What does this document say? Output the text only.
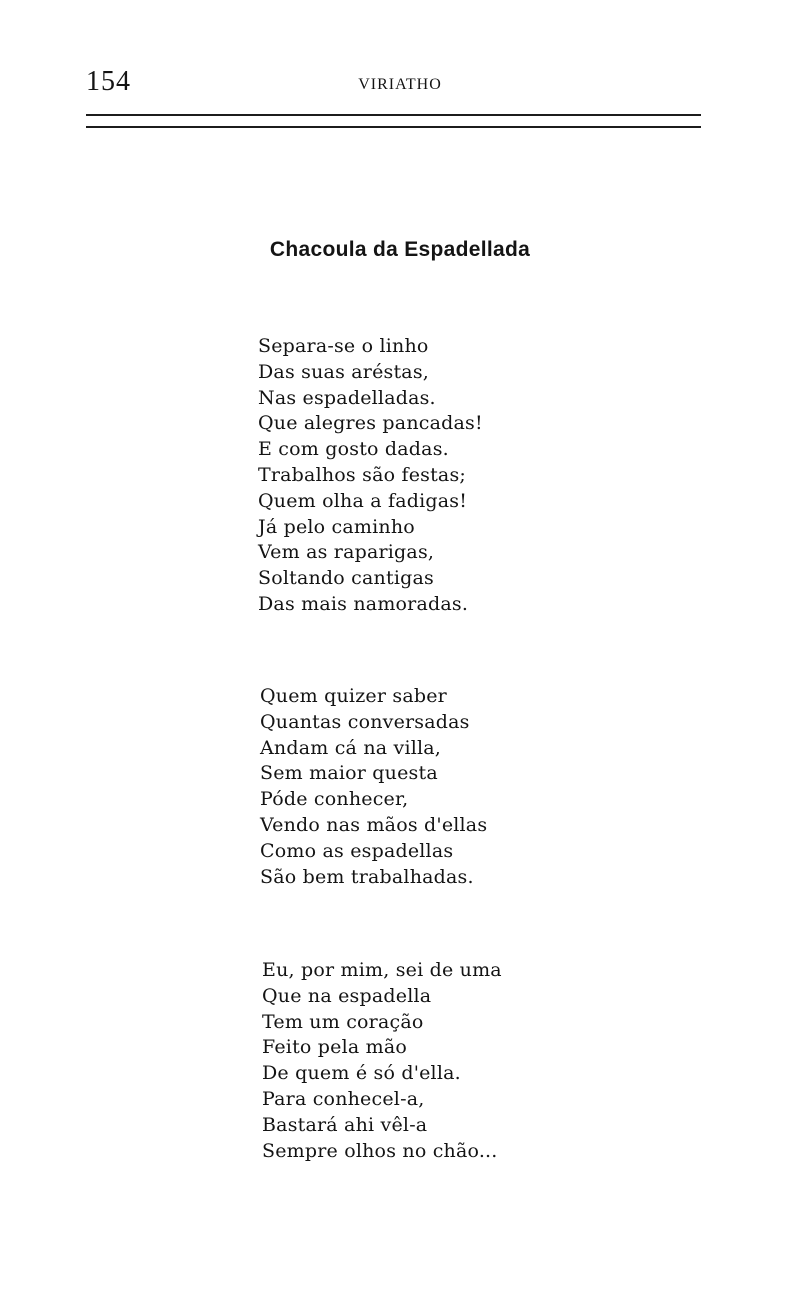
154	VIRIATHO
Chacoula da Espadellada
Separa-se o linho
Das suas aréstas,
Nas espadelladas.
Que alegres pancadas!
E com gosto dadas.
Trabalhos são festas;
Quem olha a fadigas!
Já pelo caminho
Vem as raparigas,
Soltando cantigas
Das mais namoradas.
Quem quizer saber
Quantas conversadas
Andam cá na villa,
Sem maior questa
Póde conhecer,
Vendo nas mãos d'ellas
Como as espadellas
São bem trabalhadas.
Eu, por mim, sei de uma
Que na espadella
Tem um coração
Feito pela mão
De quem é só d'ella.
Para conhecel-a,
Bastará ahi vêl-a
Sempre olhos no chão...
